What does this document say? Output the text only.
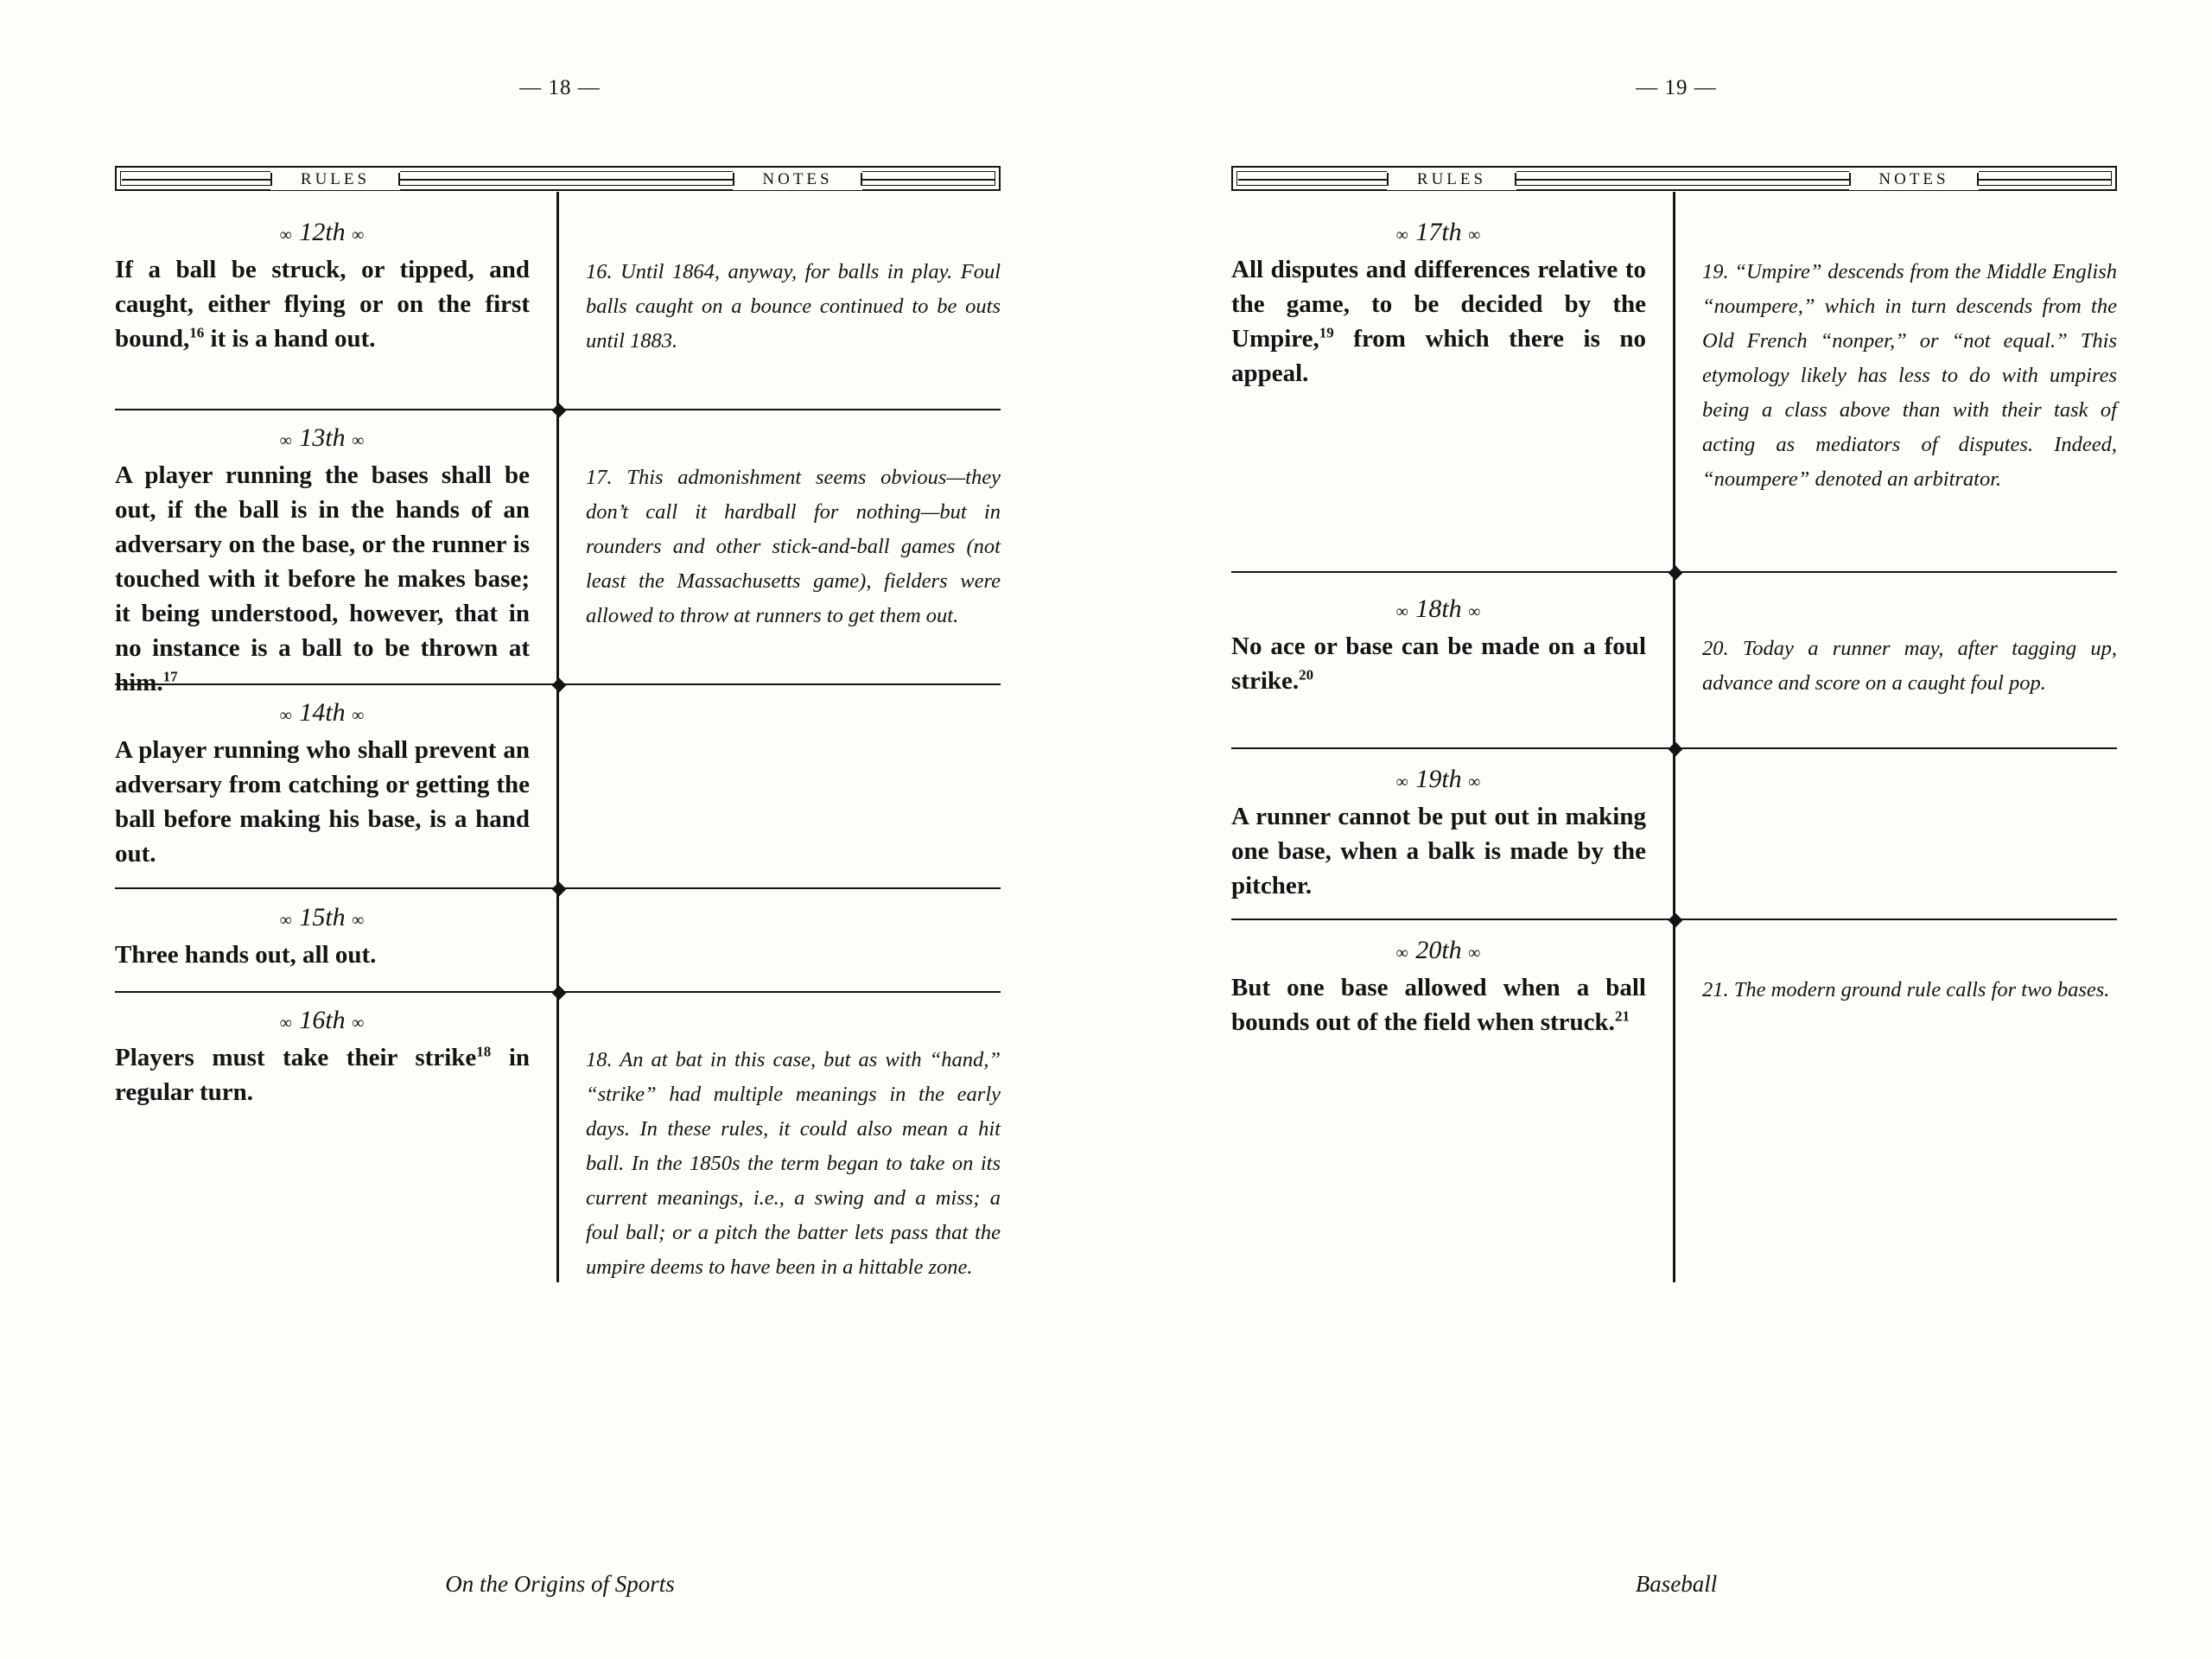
— 18 —
RULES	NOTES
∞ 12th ∞
If a ball be struck, or tipped, and caught, either flying or on the first bound,$^{16}$ it is a hand out.
16. Until 1864, anyway, for balls in play. Foul balls caught on a bounce continued to be outs until 1883.
∞ 13th ∞
A player running the bases shall be out, if the ball is in the hands of an adversary on the base, or the runner is touched with it before he makes base; it being understood, however, that in no instance is a ball to be thrown at him.$^{17}$
17. This admonishment seems obvious—they don’t call it hardball for nothing—but in rounders and other stick-and-ball games (not least the Massachusetts game), fielders were allowed to throw at runners to get them out.
∞ 14th ∞
A player running who shall prevent an adversary from catching or getting the ball before making his base, is a hand out.
∞ 15th ∞
Three hands out, all out.
∞ 16th ∞
Players must take their strike$^{18}$ in regular turn.
18. An at bat in this case, but as with “hand,” “strike” had multiple meanings in the early days. In these rules, it could also mean a hit ball. In the 1850s the term began to take on its current meanings, i.e., a swing and a miss; a foul ball; or a pitch the batter lets pass that the umpire deems to have been in a hittable zone.
On the Origins of Sports
— 19 —
RULES	NOTES
∞ 17th ∞
All disputes and differences relative to the game, to be decided by the Umpire,$^{19}$ from which there is no appeal.
19. “Umpire” descends from the Middle English “noumpere,” which in turn descends from the Old French “nonper,” or “not equal.” This etymology likely has less to do with umpires being a class above than with their task of acting as mediators of disputes. Indeed, “noumpere” denoted an arbitrator.
∞ 18th ∞
No ace or base can be made on a foul strike.$^{20}$
20. Today a runner may, after tagging up, advance and score on a caught foul pop.
∞ 19th ∞
A runner cannot be put out in making one base, when a balk is made by the pitcher.
∞ 20th ∞
But one base allowed when a ball bounds out of the field when struck.$^{21}$
21. The modern ground rule calls for two bases.
Baseball
